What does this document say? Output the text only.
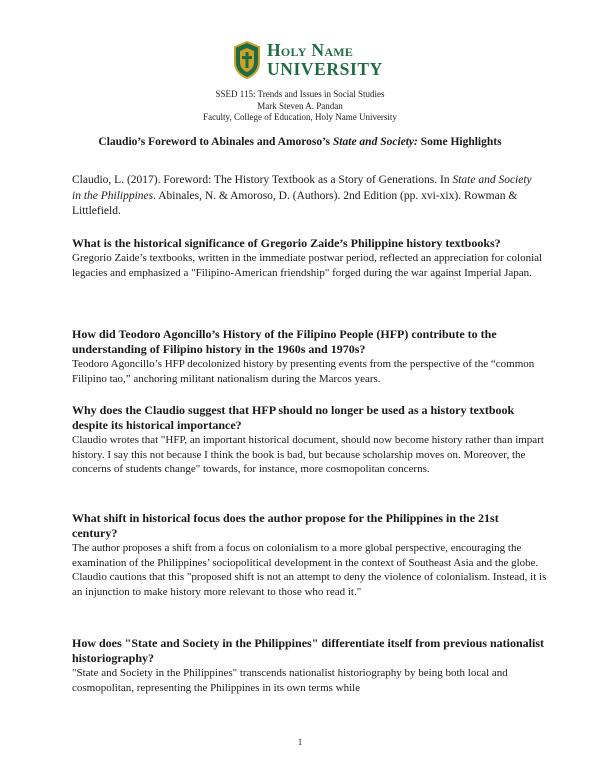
Holy Name
UNIVERSITY
SSED 115: Trends and Issues in Social Studies
Mark Steven A. Pandan
Faculty, College of Education, Holy Name University
Claudio’s Foreword to Abinales and Amoroso’s State and Society: Some Highlights
Claudio, L. (2017). Foreword: The History Textbook as a Story of Generations. In State and Society in the Philippines. Abinales, N. & Amoroso, D. (Authors). 2nd Edition (pp. xvi-xix). Rowman & Littlefield.
What is the historical significance of Gregorio Zaide’s Philippine history textbooks?
Gregorio Zaide’s textbooks, written in the immediate postwar period, reflected an appreciation for colonial legacies and emphasized a "Filipino-American friendship" forged during the war against Imperial Japan.
How did Teodoro Agoncillo’s History of the Filipino People (HFP) contribute to the understanding of Filipino history in the 1960s and 1970s?
Teodoro Agoncillo’s HFP decolonized history by presenting events from the perspective of the “common Filipino tao,” anchoring militant nationalism during the Marcos years.
Why does the Claudio suggest that HFP should no longer be used as a history textbook despite its historical importance?
Claudio wrotes that "HFP, an important historical document, should now become history rather than impart history. I say this not because I think the book is bad, but because scholarship moves on. Moreover, the concerns of students change" towards, for instance, more cosmopolitan concerns.
What shift in historical focus does the author propose for the Philippines in the 21st century?
The author proposes a shift from a focus on colonialism to a more global perspective, encouraging the examination of the Philippines’ sociopolitical development in the context of Southeast Asia and the globe. Claudio cautions that this "proposed shift is not an attempt to deny the violence of colonialism. Instead, it is an injunction to make history more relevant to those who read it."
How does "State and Society in the Philippines" differentiate itself from previous nationalist historiography?
"State and Society in the Philippines" transcends nationalist historiography by being both local and cosmopolitan, representing the Philippines in its own terms while
1
